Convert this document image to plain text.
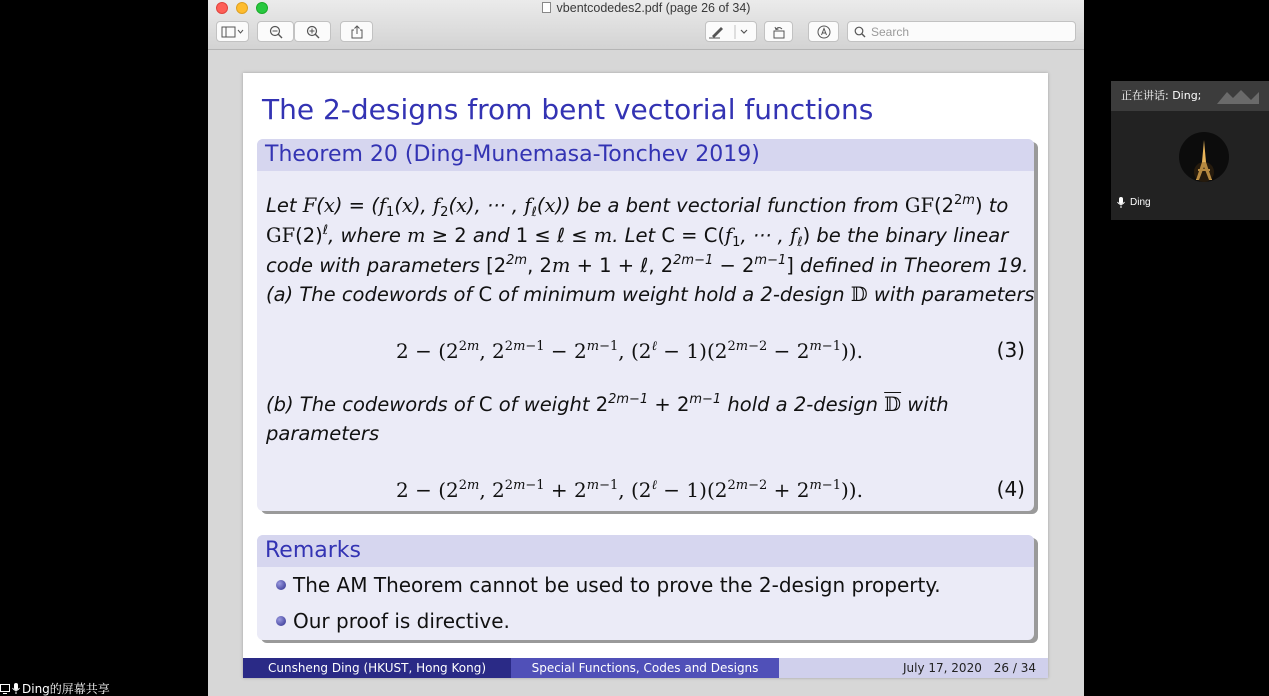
vbentcodedes2.pdf (page 26 of 34)
Search
The 2-designs from bent vectorial functions
Theorem 20 (Ding-Munemasa-Tonchev 2019)
Let $F(x) = (f_1(x)$, $f_2(x)$, ··· , $f_\ell(x)$) be a bent vectorial function from $GF(2^{2m})$ to
$GF(2)^\ell$, where m ≥ 2 and 1 ≤ ℓ ≤ m. Let $C = C(f_1$, ··· , $f_\ell$) be the binary linear
code with parameters [$2^{2m}$, 2m + 1 + ℓ, $2^{2m-1} - 2^{m-1}$] defined in Theorem 19.
(a) The codewords of C of minimum weight hold a 2-design 𝔻 with parameters
$2 - (2^{2m}$, $2^{2m-1} - 2^{m-1}$, $(2^\ell - 1)(2^{2m-2} - 2^{m-1})$).	(3)
(b) The codewords of C of weight $2^{2m-1} + 2^{m-1}$ hold a 2-design 𝔻 with
parameters
$2 - (2^{2m}$, $2^{2m-1} + 2^{m-1}$, $(2^\ell - 1)(2^{2m-2} + 2^{m-1})$).	(4)
Remarks
The AM Theorem cannot be used to prove the 2-design property.
Our proof is directive.
Cunsheng Ding (HKUST, Hong Kong)	Special Functions, Codes and Designs	July 17, 2020 26 / 34
正在讲话: Ding;
Ding
Ding的屏幕共享
